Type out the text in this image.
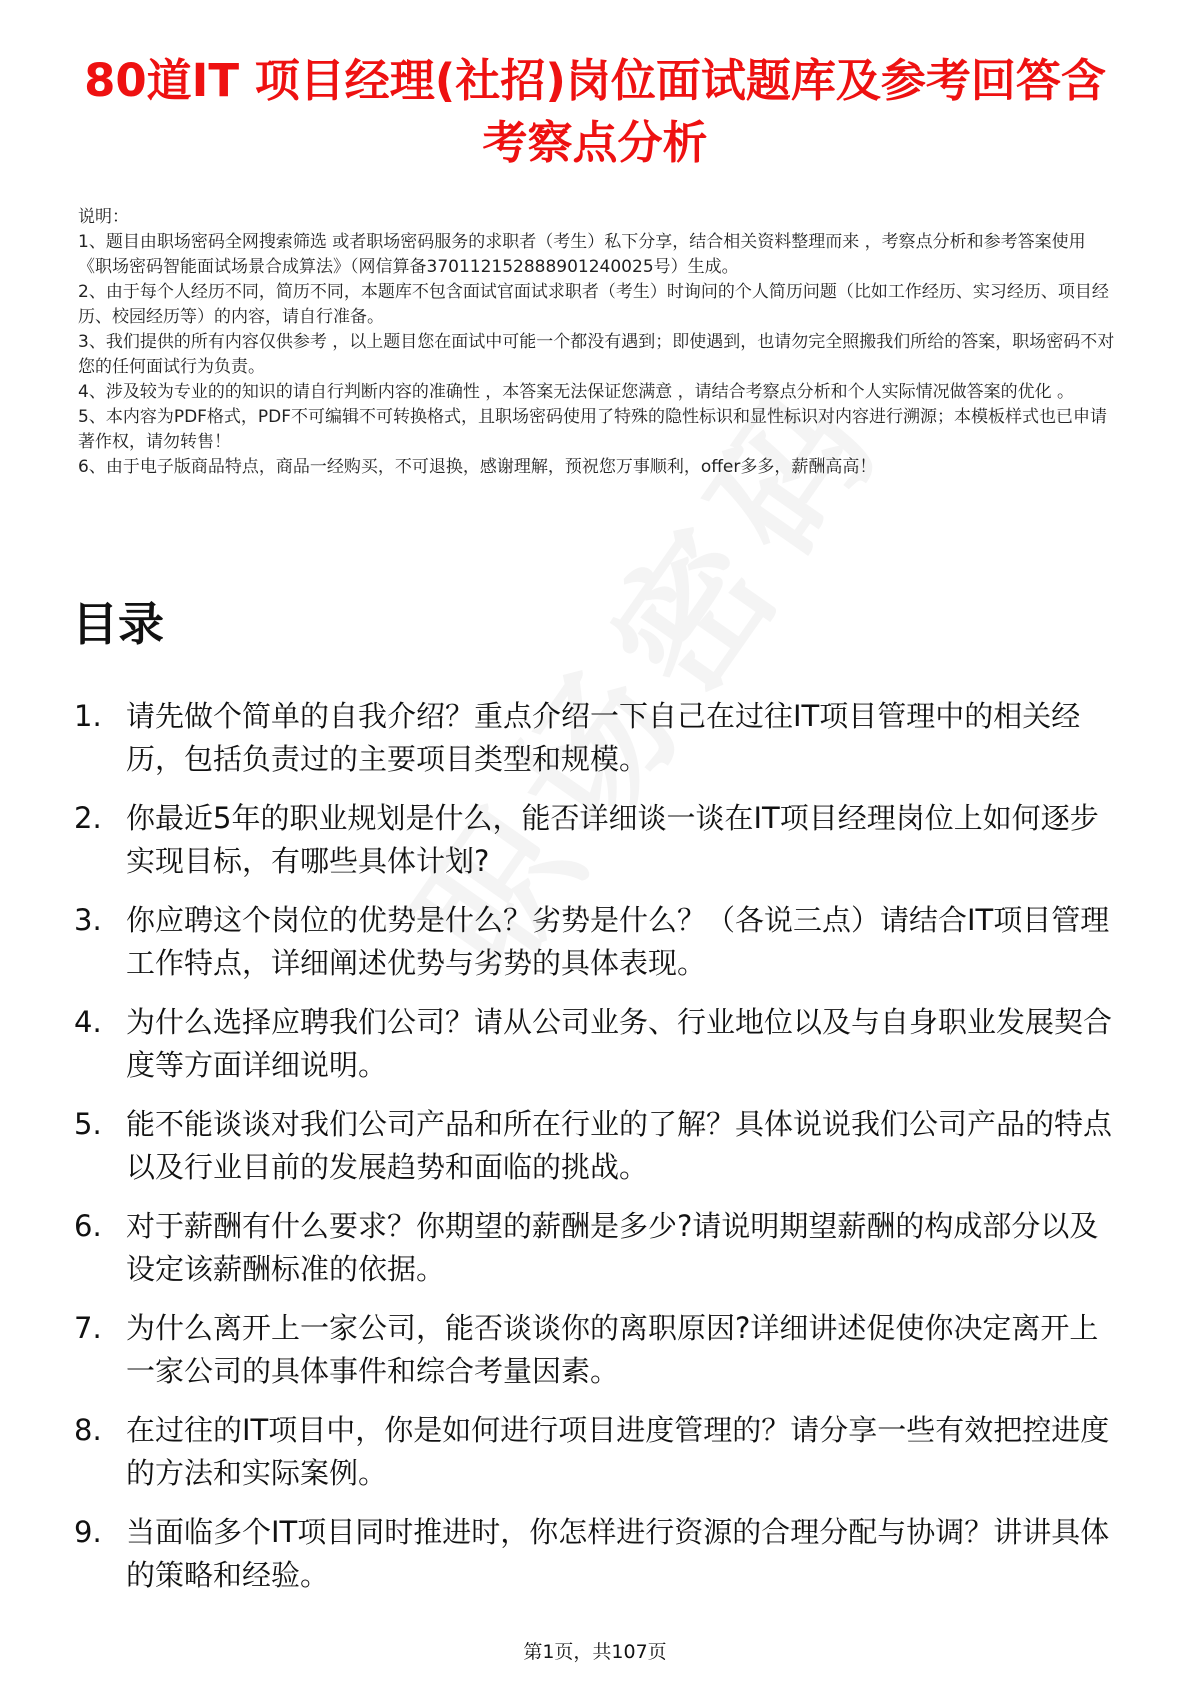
80道IT 项目经理(社招)岗位面试题库及参考回答含考察点分析

说明：

1、题目由职场密码全网搜索筛选 或者职场密码服务的求职者（考生）私下分享，结合相关资料整理而来 ，考察点分析和参考答案使用《职场密码智能面试场景合成算法》（网信算备370112152888901240025号）生成。

2、由于每个人经历不同，简历不同，本题库不包含面试官面试求职者（考生）时询问的个人简历问题（比如工作经历、实习经历、项目经历、校园经历等）的内容，请自行准备。

3、我们提供的所有内容仅供参考 ，以上题目您在面试中可能一个都没有遇到；即使遇到，也请勿完全照搬我们所给的答案，职场密码不对您的任何面试行为负责。

4、涉及较为专业的的知识的请自行判断内容的准确性 ，本答案无法保证您满意 ，请结合考察点分析和个人实际情况做答案的优化 。

5、本内容为PDF格式，PDF不可编辑不可转换格式，且职场密码使用了特殊的隐性标识和显性标识对内容进行溯源；本模板样式也已申请著作权，请勿转售！

6、由于电子版商品特点，商品一经购买，不可退换，感谢理解，预祝您万事顺利，offer多多，薪酬高高！

目录
1. 请先做个简单的自我介绍？重点介绍一下自己在过往IT项目管理中的相关经历，包括负责过的主要项目类型和规模。
2. 你最近5年的职业规划是什么，能否详细谈一谈在IT项目经理岗位上如何逐步实现目标，有哪些具体计划?
3. 你应聘这个岗位的优势是什么？劣势是什么？（各说三点）请结合IT项目管理工作特点，详细阐述优势与劣势的具体表现。
4. 为什么选择应聘我们公司？请从公司业务、行业地位以及与自身职业发展契合度等方面详细说明。
5. 能不能谈谈对我们公司产品和所在行业的了解？具体说说我们公司产品的特点以及行业目前的发展趋势和面临的挑战。
6. 对于薪酬有什么要求？你期望的薪酬是多少?请说明期望薪酬的构成部分以及设定该薪酬标准的依据。
7. 为什么离开上一家公司，能否谈谈你的离职原因?详细讲述促使你决定离开上一家公司的具体事件和综合考量因素。
8. 在过往的IT项目中，你是如何进行项目进度管理的？请分享一些有效把控进度的方法和实际案例。
9. 当面临多个IT项目同时推进时，你怎样进行资源的合理分配与协调？讲讲具体的策略和经验。
第1页，共107页
